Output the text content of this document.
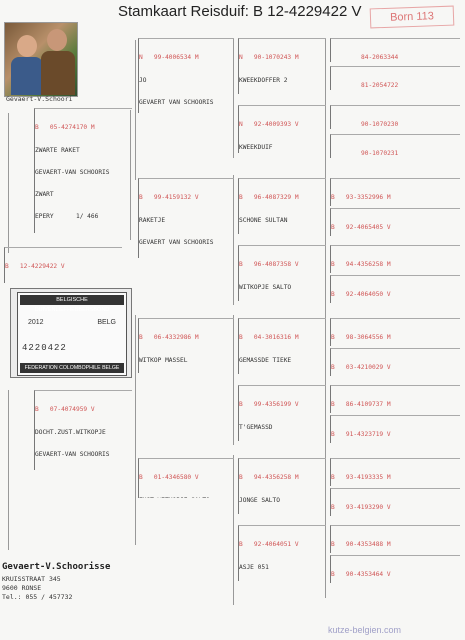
Stamkaart Reisduif: B 12-4229422 V	Born 113
Gevaert-V.Schoori

B   05-4274170 M

ZWARTE RAKET

GEVAERT-VAN SCHOORIS

ZWART

EPERY      1/ 466

B   12-4229422 V

BELGISCHE DUIVENLIEFHEBBERSBOND
2012	BELG
4220422
FEDERATION COLOMBOPHILE BELGE

B   07-4074959 V

DOCHT.ZUST.WITKOPJE

GEVAERT-VAN SCHOORIS

N   99-4006534 M

JO

GEVAERT VAN SCHOORIS

B   99-4159132 V

RAKETJE

GEVAERT VAN SCHOORIS

B   06-4332986 M

WITKOP MASSEL

B   01-4346580 V

N   90-1070243 M

KWEEKDOFFER 2

N   92-4009393 V

KWEEKDUIF

B   96-4087329 M

SCHONE SULTAN

B   96-4087358 V

WITKOPJE SALTO

B   04-3016316 M

GEMASSDE TIEKE

B   99-4356199 V

T'GEMASSD

B   94-4356258 M

JONGE SALTO

B   92-4064051 V

ASJE 051

84-2063344

81-2054722

90-1070230

90-1070231

B   93-3352996 M

B   92-4065405 V

B   94-4356258 M

B   92-4064050 V

B   98-3064556 M

B   03-4210029 V

B   86-4109737 M

B   91-4323719 V

B   93-4193335 M

B   93-4193290 V

B   90-4353488 M

B   90-4353464 V

Gevaert-V.Schoorisse
KRUISSTRAAT 345
9600 RONSE
Tel.: 055 / 457732
kutze-belgien.com
